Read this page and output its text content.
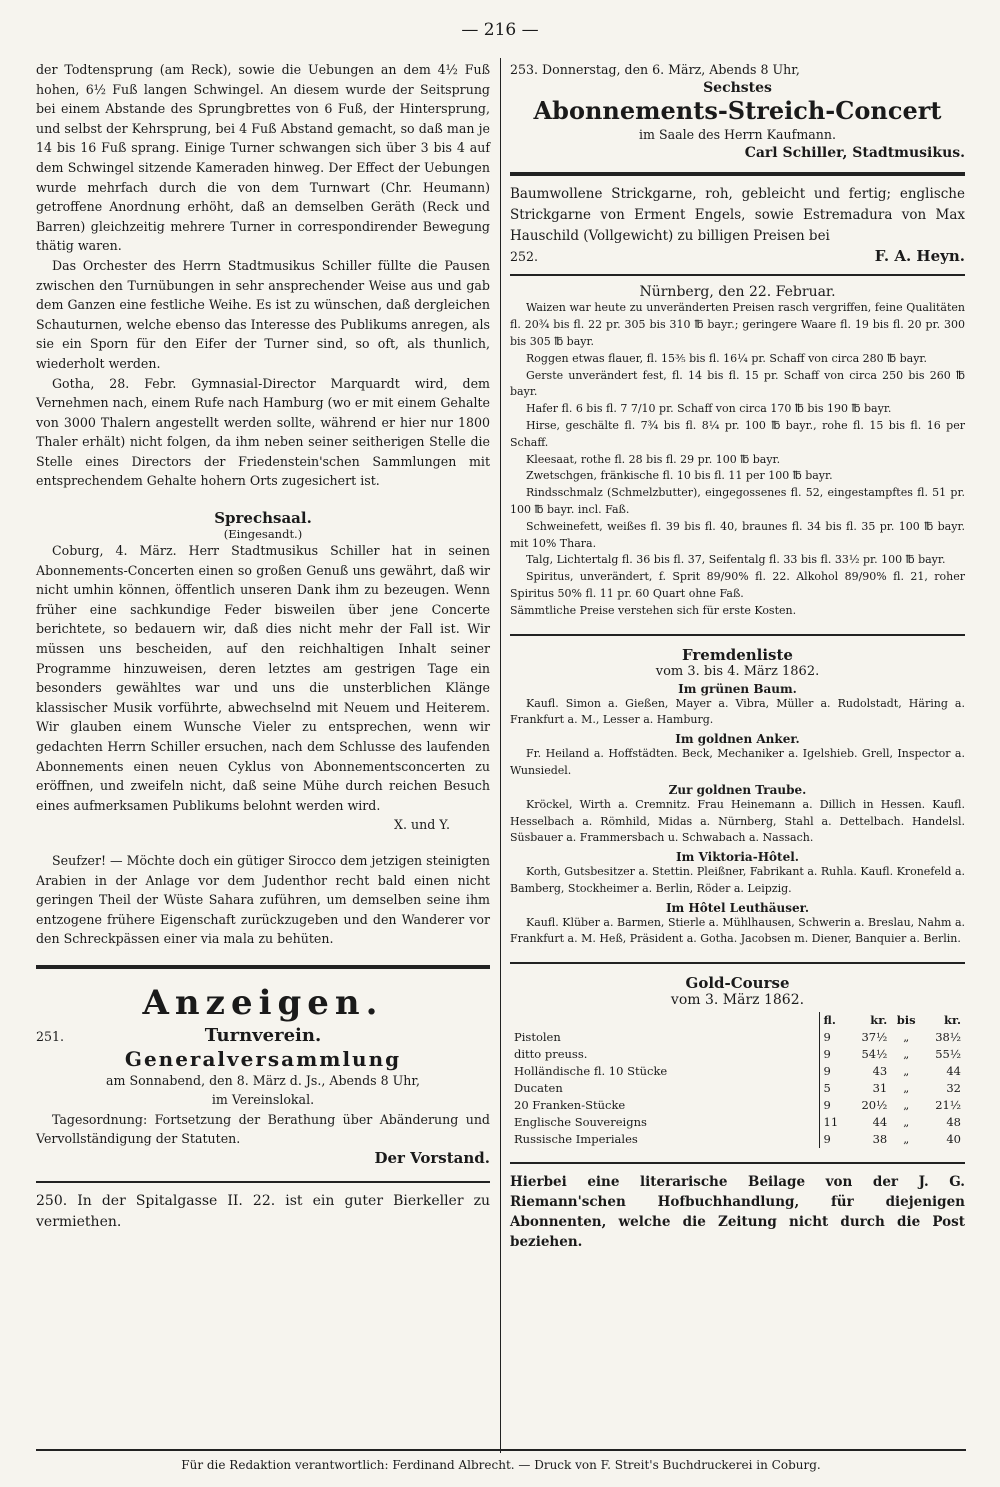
— 216 —

der Todtensprung (am Reck), sowie die Uebungen an dem 4½ Fuß hohen, 6½ Fuß langen Schwingel. An diesem wurde der Seitsprung bei einem Abstande des Sprungbrettes von 6 Fuß, der Hintersprung, und selbst der Kehrsprung, bei 4 Fuß Abstand gemacht, so daß man je 14 bis 16 Fuß sprang. Einige Turner schwangen sich über 3 bis 4 auf dem Schwingel sitzende Kameraden hinweg. Der Effect der Uebungen wurde mehrfach durch die von dem Turnwart (Chr. Heumann) getroffene Anordnung erhöht, daß an demselben Geräth (Reck und Barren) gleichzeitig mehrere Turner in correspondirender Bewegung thätig waren.

Das Orchester des Herrn Stadtmusikus Schiller füllte die Pausen zwischen den Turnübungen in sehr ansprechender Weise aus und gab dem Ganzen eine festliche Weihe. Es ist zu wünschen, daß dergleichen Schauturnen, welche ebenso das Interesse des Publikums anregen, als sie ein Sporn für den Eifer der Turner sind, so oft, als thunlich, wiederholt werden.

Gotha, 28. Febr. Gymnasial-Director Marquardt wird, dem Vernehmen nach, einem Rufe nach Hamburg (wo er mit einem Gehalte von 3000 Thalern angestellt werden sollte, während er hier nur 1800 Thaler erhält) nicht folgen, da ihm neben seiner seitherigen Stelle die Stelle eines Directors der Friedenstein'schen Sammlungen mit entsprechendem Gehalte hohern Orts zugesichert ist.

Sprechsaal.

(Eingesandt.)

Coburg, 4. März. Herr Stadtmusikus Schiller hat in seinen Abonnements-Concerten einen so großen Genuß uns gewährt, daß wir nicht umhin können, öffentlich unseren Dank ihm zu bezeugen. Wenn früher eine sachkundige Feder bisweilen über jene Concerte berichtete, so bedauern wir, daß dies nicht mehr der Fall ist. Wir müssen uns bescheiden, auf den reichhaltigen Inhalt seiner Programme hinzuweisen, deren letztes am gestrigen Tage ein besonders gewähltes war und uns die unsterblichen Klänge klassischer Musik vorführte, abwechselnd mit Neuem und Heiterem. Wir glauben einem Wunsche Vieler zu entsprechen, wenn wir gedachten Herrn Schiller ersuchen, nach dem Schlusse des laufenden Abonnements einen neuen Cyklus von Abonnementsconcerten zu eröffnen, und zweifeln nicht, daß seine Mühe durch reichen Besuch eines aufmerksamen Publikums belohnt werden wird.

X. und Y.

Seufzer! — Möchte doch ein gütiger Sirocco dem jetzigen steinigten Arabien in der Anlage vor dem Judenthor recht bald einen nicht geringen Theil der Wüste Sahara zuführen, um demselben seine ihm entzogene frühere Eigenschaft zurückzugeben und den Wanderer vor den Schreckpässen einer via mala zu behüten.

Anzeigen.

251.	Turnverein.

Generalversammlung

am Sonnabend, den 8. März d. Js., Abends 8 Uhr,

im Vereinslokal.

Tagesordnung: Fortsetzung der Berathung über Abänderung und Vervollständigung der Statuten.

Der Vorstand.

250. In der Spitalgasse II. 22. ist ein guter Bierkeller zu vermiethen.

253. Donnerstag, den 6. März, Abends 8 Uhr,

Sechstes

Abonnements-Streich-Concert

im Saale des Herrn Kaufmann.

Carl Schiller, Stadtmusikus.

Baumwollene Strickgarne, roh, gebleicht und fertig; englische Strickgarne von Erment Engels, sowie Estremadura von Max Hauschild (Vollgewicht) zu billigen Preisen bei

252.	F. A. Heyn.

Nürnberg, den 22. Februar.

Waizen war heute zu unveränderten Preisen rasch vergriffen, feine Qualitäten fl. 20¾ bis fl. 22 pr. 305 bis 310 ℔ bayr.; geringere Waare fl. 19 bis fl. 20 pr. 300 bis 305 ℔ bayr.

Roggen etwas flauer, fl. 15⅗ bis fl. 16¼ pr. Schaff von circa 280 ℔ bayr.

Gerste unverändert fest, fl. 14 bis fl. 15 pr. Schaff von circa 250 bis 260 ℔ bayr.

Hafer fl. 6 bis fl. 7 7/10 pr. Schaff von circa 170 ℔ bis 190 ℔ bayr.

Hirse, geschälte fl. 7¾ bis fl. 8¼ pr. 100 ℔ bayr., rohe fl. 15 bis fl. 16 per Schaff.

Kleesaat, rothe fl. 28 bis fl. 29 pr. 100 ℔ bayr.

Zwetschgen, fränkische fl. 10 bis fl. 11 per 100 ℔ bayr.

Rindsschmalz (Schmelzbutter), eingegossenes fl. 52, eingestampftes fl. 51 pr. 100 ℔ bayr. incl. Faß.

Schweinefett, weißes fl. 39 bis fl. 40, braunes fl. 34 bis fl. 35 pr. 100 ℔ bayr. mit 10% Thara.

Talg, Lichtertalg fl. 36 bis fl. 37, Seifentalg fl. 33 bis fl. 33½ pr. 100 ℔ bayr.

Spiritus, unverändert, f. Sprit 89/90% fl. 22. Alkohol 89/90% fl. 21, roher Spiritus 50% fl. 11 pr. 60 Quart ohne Faß.

Sämmtliche Preise verstehen sich für erste Kosten.

Fremdenliste

vom 3. bis 4. März 1862.

Im grünen Baum.

Kaufl. Simon a. Gießen, Mayer a. Vibra, Müller a. Rudolstadt, Häring a. Frankfurt a. M., Lesser a. Hamburg.

Im goldnen Anker.

Fr. Heiland a. Hoffstädten. Beck, Mechaniker a. Igelshieb. Grell, Inspector a. Wunsiedel.

Zur goldnen Traube.

Kröckel, Wirth a. Cremnitz. Frau Heinemann a. Dillich in Hessen. Kaufl. Hesselbach a. Römhild, Midas a. Nürnberg, Stahl a. Dettelbach. Handelsl. Süsbauer a. Frammersbach u. Schwabach a. Nassach.

Im Viktoria-Hôtel.

Korth, Gutsbesitzer a. Stettin. Pleißner, Fabrikant a. Ruhla. Kaufl. Kronefeld a. Bamberg, Stockheimer a. Berlin, Röder a. Leipzig.

Im Hôtel Leuthäuser.

Kaufl. Klüber a. Barmen, Stierle a. Mühlhausen, Schwerin a. Breslau, Nahm a. Frankfurt a. M. Heß, Präsident a. Gotha. Jacobsen m. Diener, Banquier a. Berlin.

Gold-Course

vom 3. März 1862.

	fl.	kr.	bis	kr.
Pistolen	9	37½	„	38½
ditto preuss.	9	54½	„	55½
Holländische fl. 10 Stücke	9	43	„	44
Ducaten	5	31	„	32
20 Franken-Stücke	9	20½	„	21½
Englische Souvereigns	11	44	„	48
Russische Imperiales	9	38	„	40

Hierbei eine literarische Beilage von der J. G. Riemann'schen Hofbuchhandlung, für diejenigen Abonnenten, welche die Zeitung nicht durch die Post beziehen.

Für die Redaktion verantwortlich: Ferdinand Albrecht. — Druck von F. Streit's Buchdruckerei in Coburg.
